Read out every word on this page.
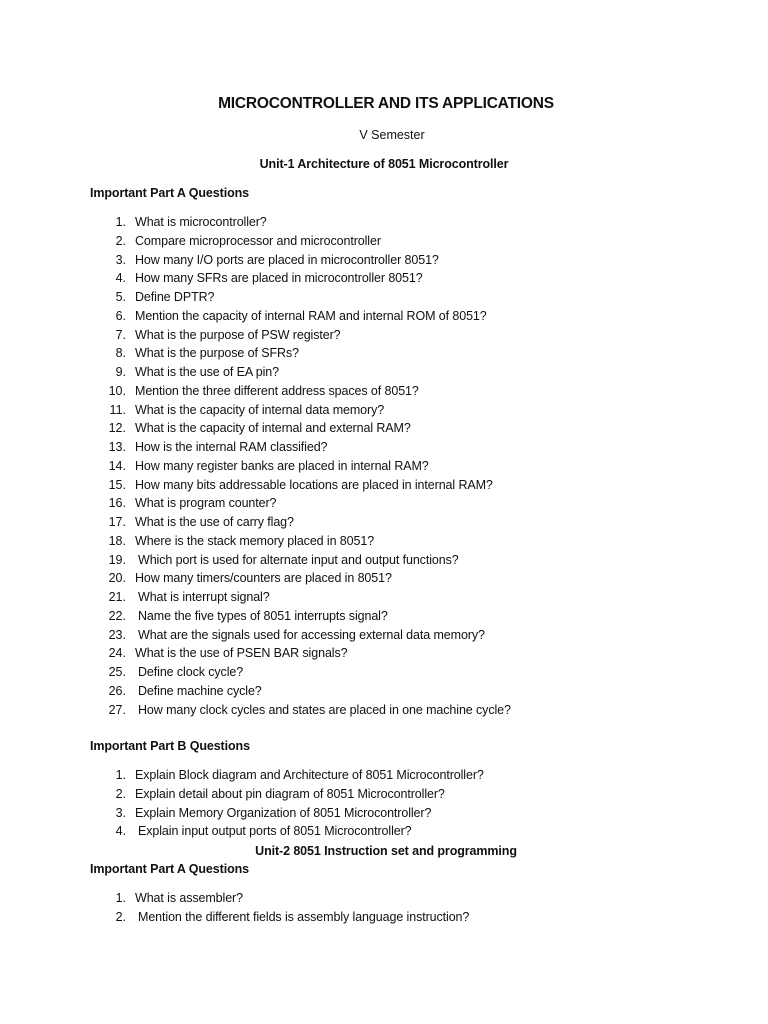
MICROCONTROLLER AND ITS APPLICATIONS
V Semester
Unit-1 Architecture of 8051 Microcontroller
Important Part A Questions
1. What is microcontroller?
2. Compare microprocessor and microcontroller
3. How many I/O ports are placed in microcontroller 8051?
4. How many SFRs are placed in microcontroller 8051?
5. Define DPTR?
6. Mention the capacity of internal RAM and internal ROM of 8051?
7. What is the purpose of PSW register?
8. What is the purpose of SFRs?
9. What is the use of EA pin?
10. Mention the three different address spaces of 8051?
11. What is the capacity of internal data memory?
12. What is the capacity of internal and external RAM?
13. How is the internal RAM classified?
14. How many register banks are placed in internal RAM?
15. How many bits addressable locations are placed in internal RAM?
16. What is program counter?
17. What is the use of carry flag?
18. Where is the stack memory placed in 8051?
19. Which port is used for alternate input and output functions?
20. How many timers/counters are placed in 8051?
21. What is interrupt signal?
22. Name the five types of 8051 interrupts signal?
23. What are the signals used for accessing external data memory?
24. What is the use of PSEN BAR signals?
25. Define clock cycle?
26. Define machine cycle?
27. How many clock cycles and states are placed in one machine cycle?
Important Part B Questions
1. Explain Block diagram and Architecture of 8051 Microcontroller?
2. Explain detail about pin diagram of 8051 Microcontroller?
3. Explain Memory Organization of 8051 Microcontroller?
4. Explain input output ports of 8051 Microcontroller?
Unit-2 8051 Instruction set and programming
Important Part A Questions
1. What is assembler?
2. Mention the different fields is assembly language instruction?
